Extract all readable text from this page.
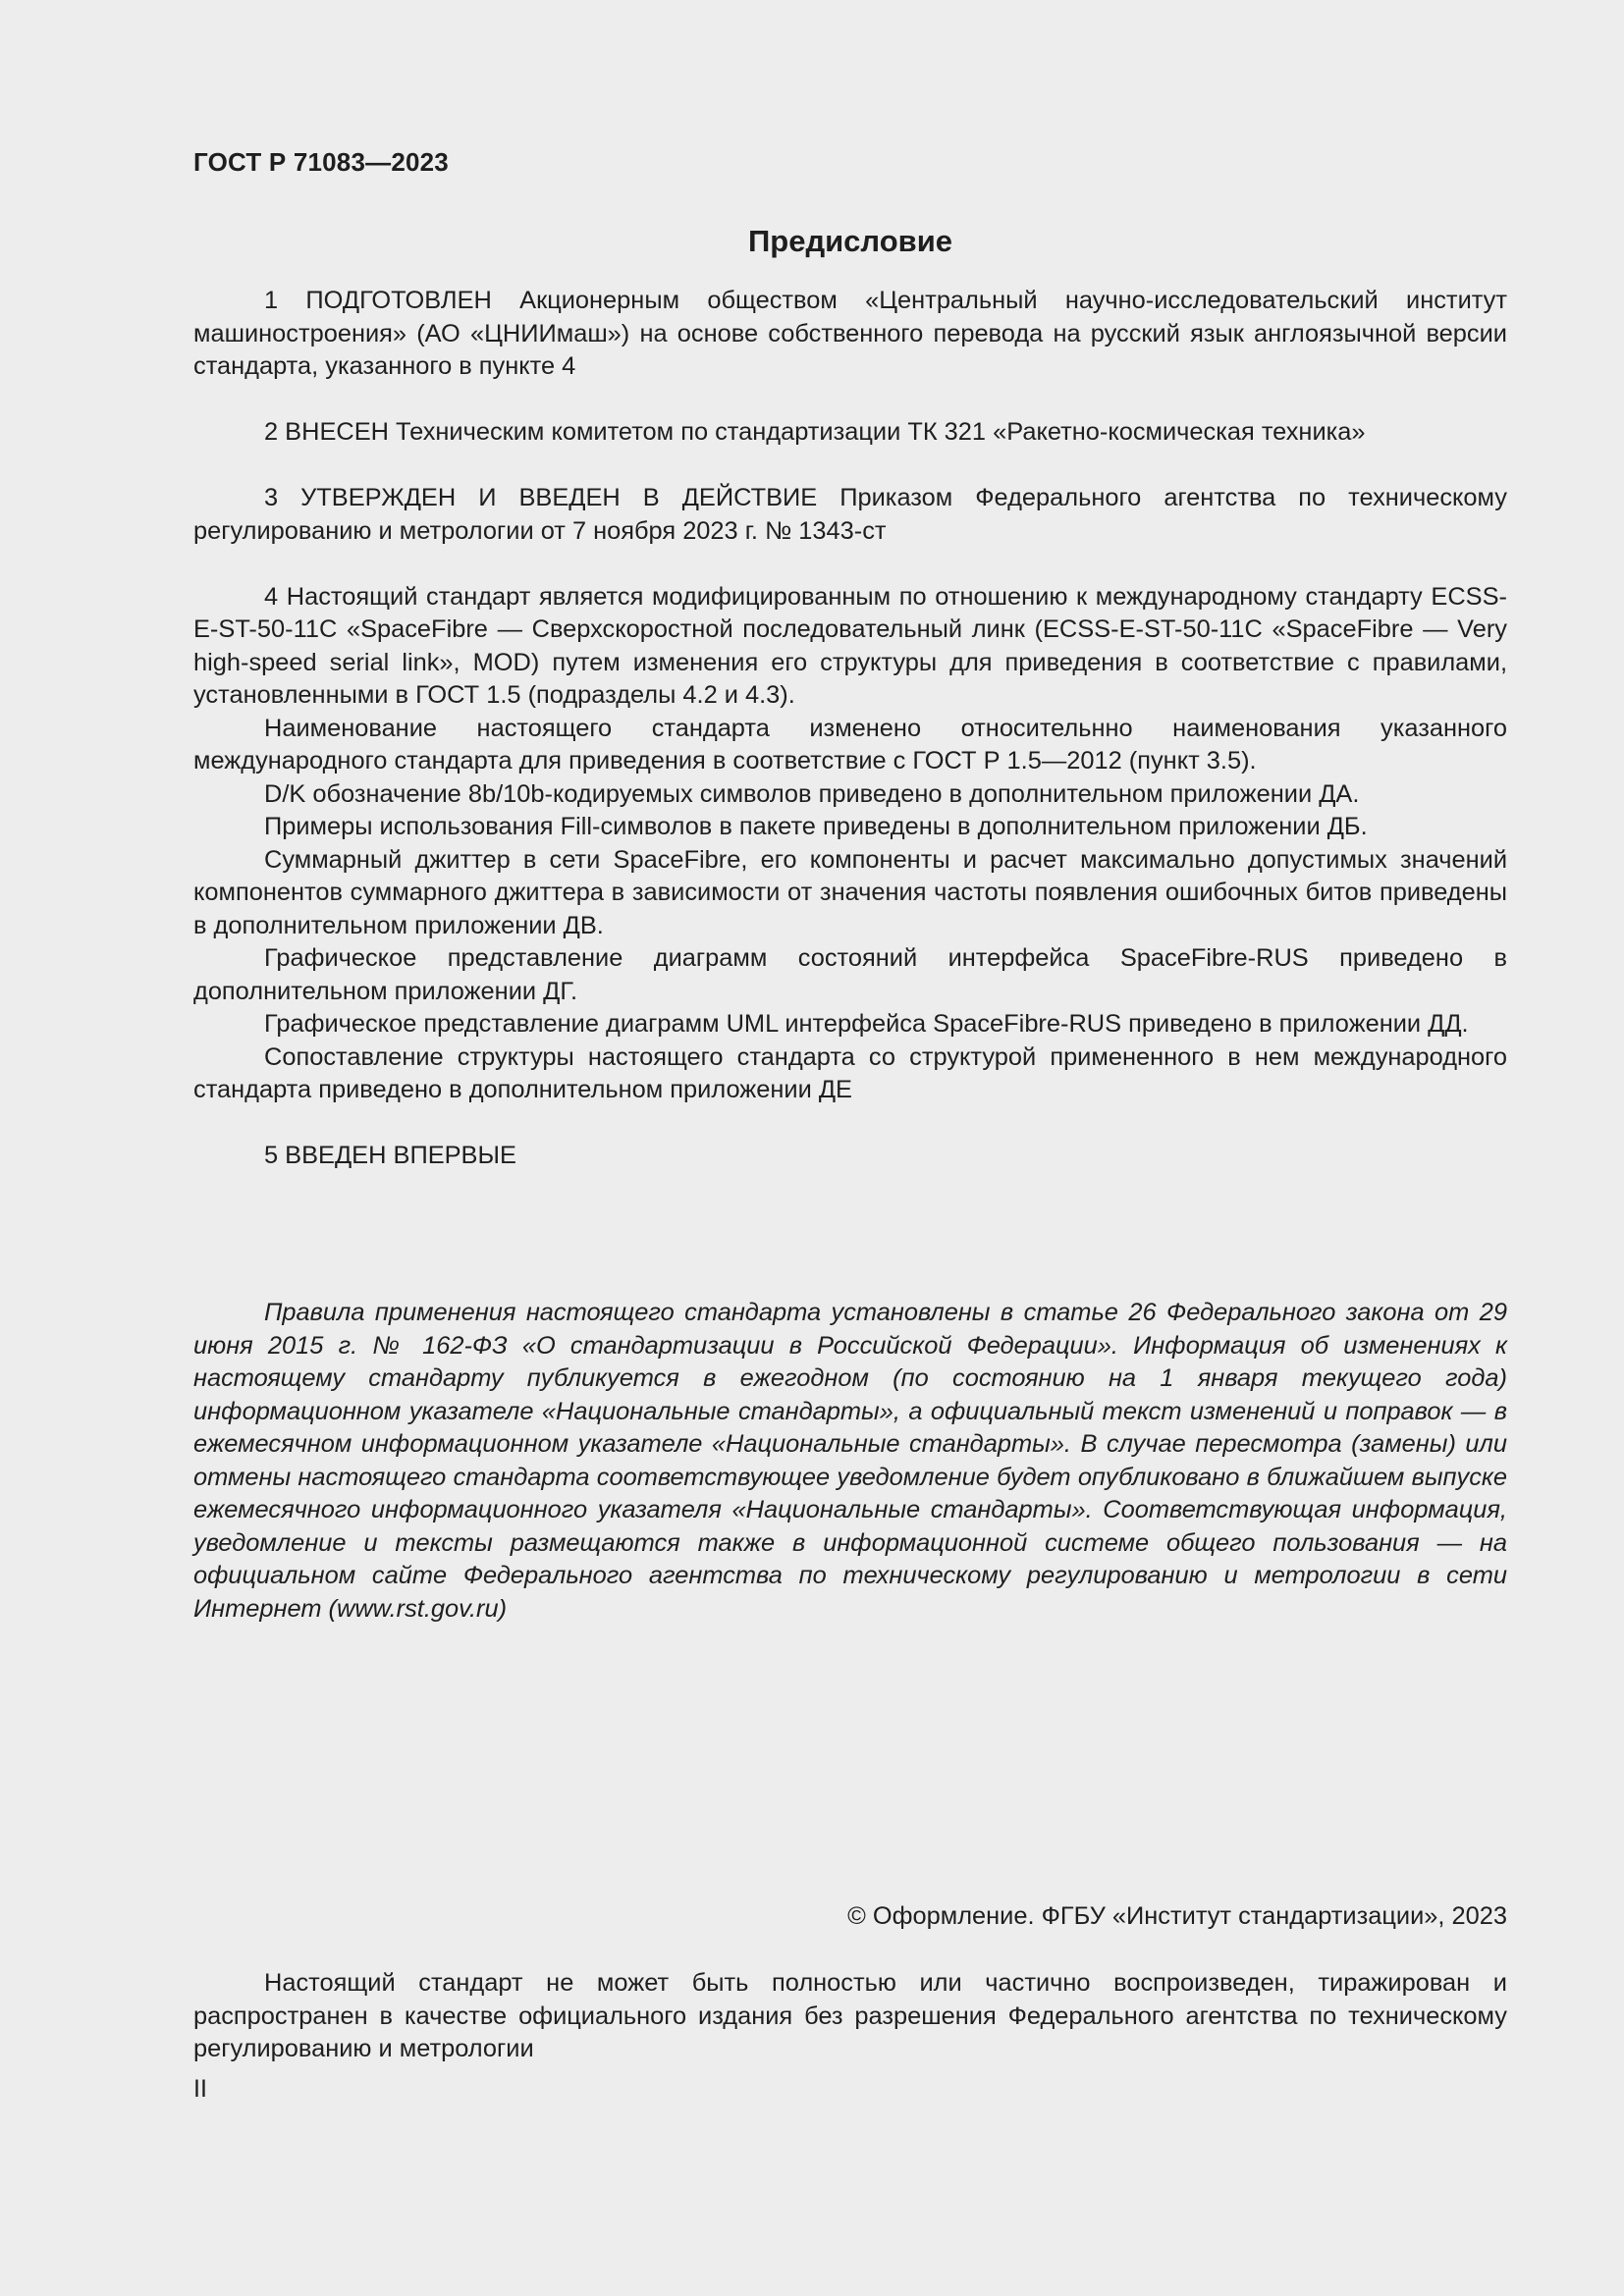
ГОСТ Р 71083—2023
Предисловие

1 ПОДГОТОВЛЕН Акционерным обществом «Центральный научно-исследовательский институт машиностроения» (АО «ЦНИИмаш») на основе собственного перевода на русский язык англоязычной версии стандарта, указанного в пункте 4

2 ВНЕСЕН Техническим комитетом по стандартизации ТК 321 «Ракетно-космическая техника»

3 УТВЕРЖДЕН И ВВЕДЕН В ДЕЙСТВИЕ Приказом Федерального агентства по техническому регулированию и метрологии от 7 ноября 2023 г. № 1343-ст

4 Настоящий стандарт является модифицированным по отношению к международному стандарту ECSS-E-ST-50-11C «SpaceFibre — Сверхскоростной последовательный линк (ECSS-E-ST-50-11C «SpaceFibre — Very high-speed serial link», MOD) путем изменения его структуры для приведения в соответствие с правилами, установленными в ГОСТ 1.5 (подразделы 4.2 и 4.3).

Наименование настоящего стандарта изменено относительнно наименования указанного международного стандарта для приведения в соответствие с ГОСТ Р 1.5—2012 (пункт 3.5).

D/K обозначение 8b/10b-кодируемых символов приведено в дополнительном приложении ДА.

Примеры использования Fill-символов в пакете приведены в дополнительном приложении ДБ.

Суммарный джиттер в сети SpaceFibre, его компоненты и расчет максимально допустимых значений компонентов суммарного джиттера в зависимости от значения частоты появления ошибочных битов приведены в дополнительном приложении ДВ.

Графическое представление диаграмм состояний интерфейса SpaceFibre-RUS приведено в дополнительном приложении ДГ.

Графическое представление диаграмм UML интерфейса SpaceFibre-RUS приведено в приложении ДД.

Сопоставление структуры настоящего стандарта со структурой примененного в нем международного стандарта приведено в дополнительном приложении ДЕ

5 ВВЕДЕН ВПЕРВЫЕ

Правила применения настоящего стандарта установлены в статье 26 Федерального закона от 29 июня 2015 г. № 162-ФЗ «О стандартизации в Российской Федерации». Информация об изменениях к настоящему стандарту публикуется в ежегодном (по состоянию на 1 января текущего года) информационном указателе «Национальные стандарты», а официальный текст изменений и поправок — в ежемесячном информационном указателе «Национальные стандарты». В случае пересмотра (замены) или отмены настоящего стандарта соответствующее уведомление будет опубликовано в ближайшем выпуске ежемесячного информационного указателя «Национальные стандарты». Соответствующая информация, уведомление и тексты размещаются также в информационной системе общего пользования — на официальном сайте Федерального агентства по техническому регулированию и метрологии в сети Интернет (www.rst.gov.ru)

© Оформление. ФГБУ «Институт стандартизации», 2023

Настоящий стандарт не может быть полностью или частично воспроизведен, тиражирован и распространен в качестве официального издания без разрешения Федерального агентства по техническому регулированию и метрологии

II
